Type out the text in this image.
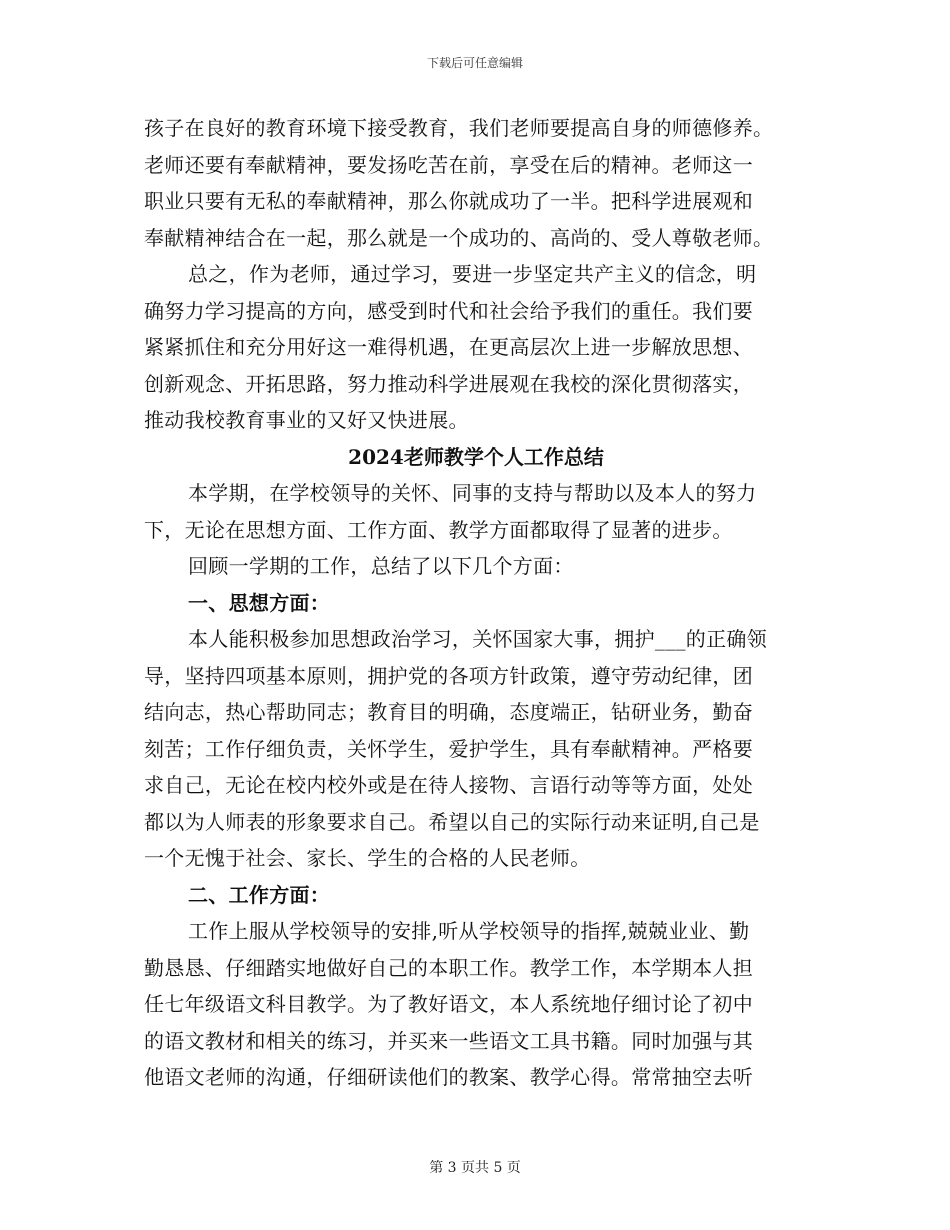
下载后可任意编辑
孩子在良好的教育环境下接受教育，我们老师要提高自身的师德修养。
老师还要有奉献精神，要发扬吃苦在前，享受在后的精神。老师这一
职业只要有无私的奉献精神，那么你就成功了一半。把科学进展观和
奉献精神结合在一起，那么就是一个成功的、高尚的、受人尊敬老师。
总之，作为老师，通过学习，要进一步坚定共产主义的信念，明
确努力学习提高的方向，感受到时代和社会给予我们的重任。我们要
紧紧抓住和充分用好这一难得机遇，在更高层次上进一步解放思想、
创新观念、开拓思路，努力推动科学进展观在我校的深化贯彻落实，
推动我校教育事业的又好又快进展。
2024老师教学个人工作总结
本学期，在学校领导的关怀、同事的支持与帮助以及本人的努力
下，无论在思想方面、工作方面、教学方面都取得了显著的进步。
回顾一学期的工作，总结了以下几个方面：
一、思想方面：
本人能积极参加思想政治学习，关怀国家大事，拥护___的正确领
导，坚持四项基本原则，拥护党的各项方针政策，遵守劳动纪律，团
结向志，热心帮助同志；教育目的明确，态度端正，钻研业务，勤奋
刻苦；工作仔细负责，关怀学生，爱护学生，具有奉献精神。严格要
求自己，无论在校内校外或是在待人接物、言语行动等等方面，处处
都以为人师表的形象要求自己。希望以自己的实际行动来证明,自己是
一个无愧于社会、家长、学生的合格的人民老师。
二、工作方面：
工作上服从学校领导的安排,听从学校领导的指挥,兢兢业业、勤
勤恳恳、仔细踏实地做好自己的本职工作。教学工作，本学期本人担
任七年级语文科目教学。为了教好语文，本人系统地仔细讨论了初中
的语文教材和相关的练习，并买来一些语文工具书籍。同时加强与其
他语文老师的沟通，仔细研读他们的教案、教学心得。常常抽空去听
第 3 页共 5 页
